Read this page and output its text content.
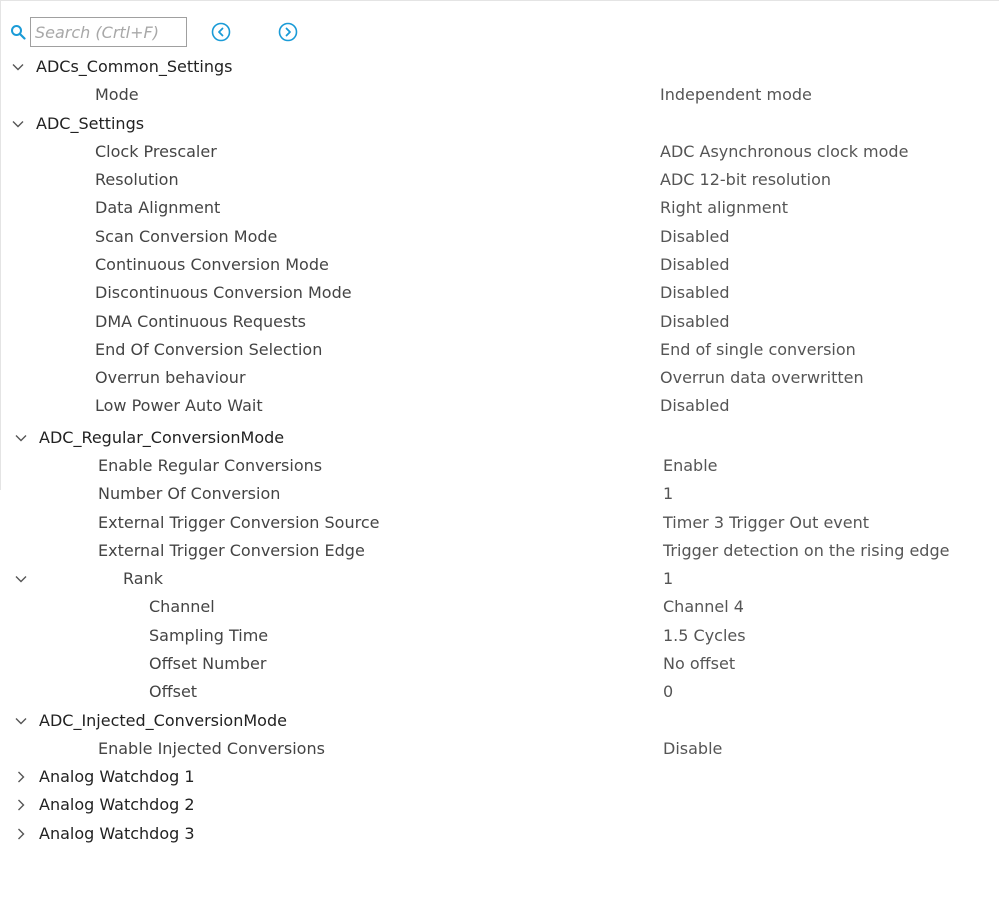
Search (Crtl+F)
ADCs_Common_Settings
Mode	Independent mode
ADC_Settings
Clock Prescaler	ADC Asynchronous clock mode
Resolution	ADC 12-bit resolution
Data Alignment	Right alignment
Scan Conversion Mode	Disabled
Continuous Conversion Mode	Disabled
Discontinuous Conversion Mode	Disabled
DMA Continuous Requests	Disabled
End Of Conversion Selection	End of single conversion
Overrun behaviour	Overrun data overwritten
Low Power Auto Wait	Disabled
ADC_Regular_ConversionMode
Enable Regular Conversions	Enable
Number Of Conversion	1
External Trigger Conversion Source	Timer 3 Trigger Out event
External Trigger Conversion Edge	Trigger detection on the rising edge
Rank	1
Channel	Channel 4
Sampling Time	1.5 Cycles
Offset Number	No offset
Offset	0
ADC_Injected_ConversionMode
Enable Injected Conversions	Disable
Analog Watchdog 1
Analog Watchdog 2
Analog Watchdog 3
